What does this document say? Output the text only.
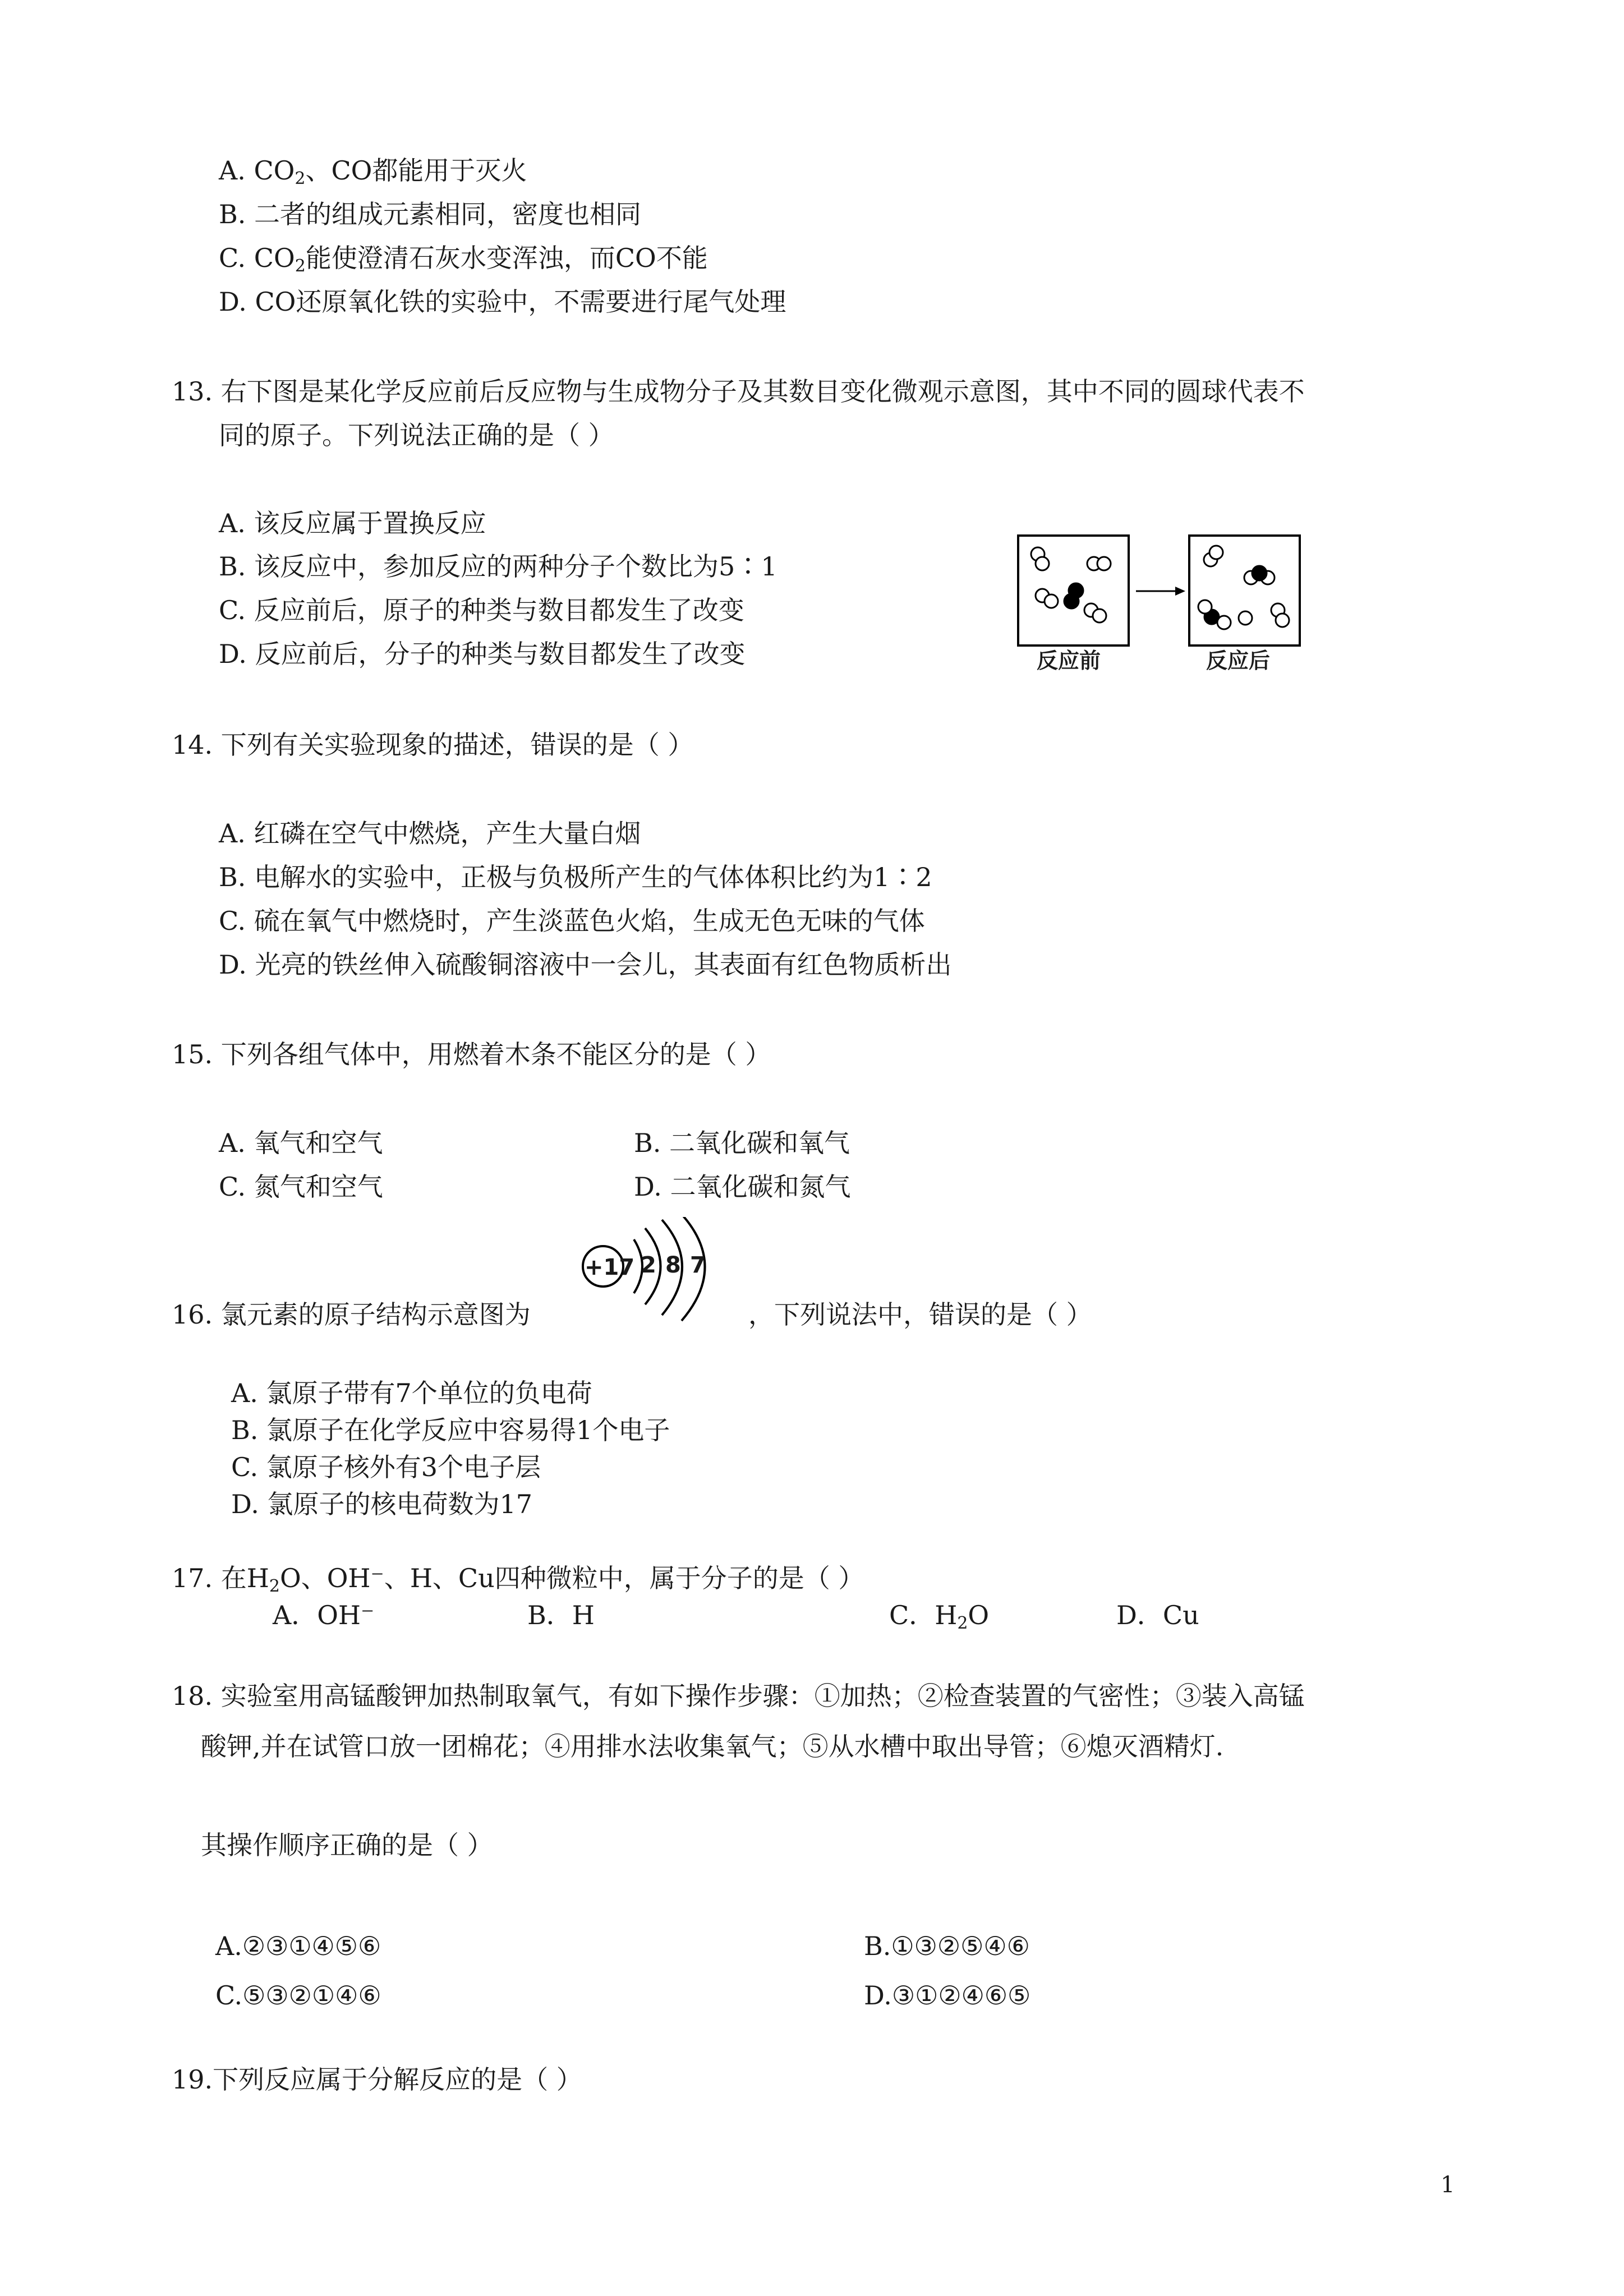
A. $CO_2$、CO都能用于灭火
B. 二者的组成元素相同，密度也相同
C. $CO_2$能使澄清石灰水变浑浊，而CO不能
D. CO还原氧化铁的实验中，不需要进行尾气处理
13. 右下图是某化学反应前后反应物与生成物分子及其数目变化微观示意图，其中不同的圆球代表不
同的原子。下列说法正确的是（ ）
A. 该反应属于置换反应
B. 该反应中，参加反应的两种分子个数比为5∶1
C. 反应前后，原子的种类与数目都发生了改变
D. 反应前后，分子的种类与数目都发生了改变	反应前	反应后
14. 下列有关实验现象的描述，错误的是（ ）
A. 红磷在空气中燃烧，产生大量白烟
B. 电解水的实验中，正极与负极所产生的气体体积比约为1∶2
C. 硫在氧气中燃烧时，产生淡蓝色火焰，生成无色无味的气体
D. 光亮的铁丝伸入硫酸铜溶液中一会儿，其表面有红色物质析出
15. 下列各组气体中，用燃着木条不能区分的是（ ）
A. 氧气和空气	B. 二氧化碳和氧气
C. 氮气和空气	D. 二氧化碳和氮气
16. 氯元素的原子结构示意图为	，下列说法中，错误的是（ ）
+17 2 8 7
A. 氯原子带有7个单位的负电荷
B. 氯原子在化学反应中容易得1个电子
C. 氯原子核外有3个电子层
D. 氯原子的核电荷数为17
17. 在$H_2O$、OH⁻、H、Cu四种微粒中，属于分子的是（ ）
A．OH⁻	B．H	C．$H_2O$	D．Cu
18. 实验室用高锰酸钾加热制取氧气，有如下操作步骤：①加热；②检查装置的气密性；③装入高锰
酸钾,并在试管口放一团棉花；④用排水法收集氧气；⑤从水槽中取出导管；⑥熄灭酒精灯.
其操作顺序正确的是（ ）
A.②③①④⑤⑥	B.①③②⑤④⑥
C.⑤③②①④⑥	D.③①②④⑥⑤
19.下列反应属于分解反应的是（ ）
1
